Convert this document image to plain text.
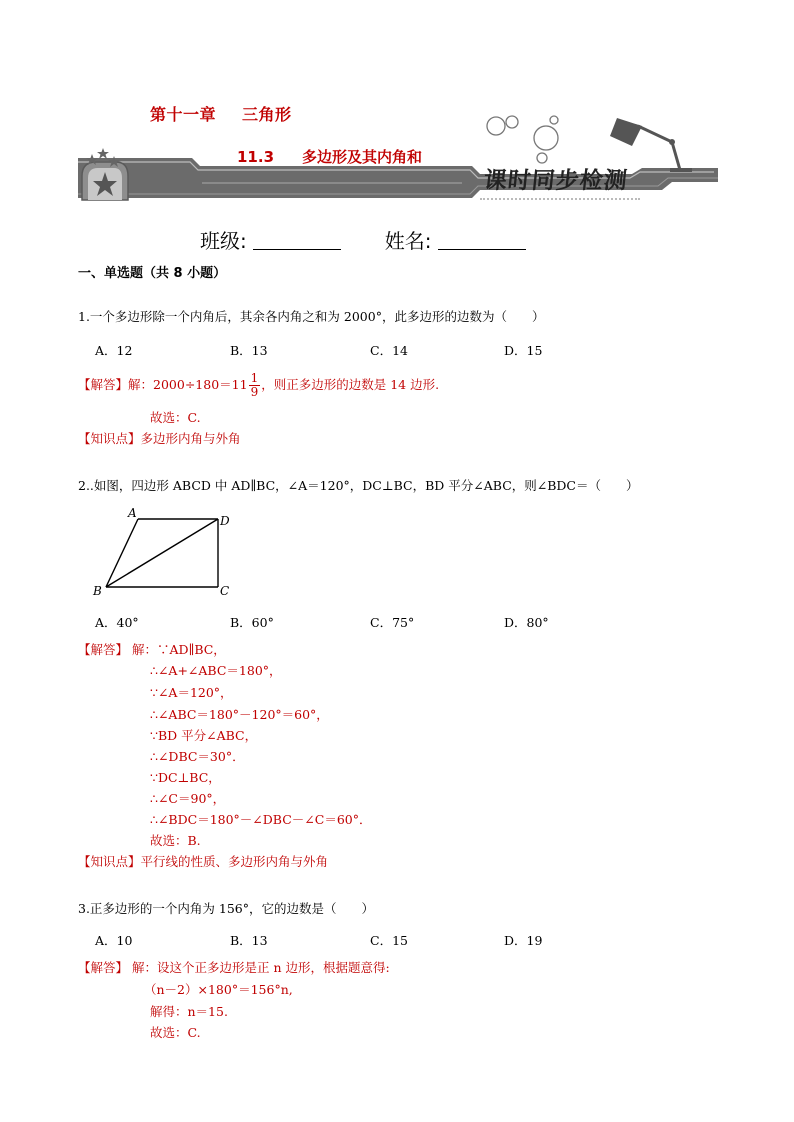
第十一章 三角形
11.3 多边形及其内角和
课时同步检测
班级:	姓名:
一、单选题（共 8 小题）
1.一个多边形除一个内角后，其余各内角之和为 2000°，此多边形的边数为（　　）
A．12	B．13	C．14	D．15
【解答】解：$2000\div 180=11 \frac{1}{9}$ ，则正多边形的边数是 14 边形.
故选：C.
【知识点】多边形内角与外角
2..如图，四边形 ABCD 中 AD∥BC，∠A＝120°，DC⊥BC，BD 平分∠ABC，则∠BDC＝（　　）
A
D
B	C
A．40°	B．60°	C．75°	D．80°
【解答】 解：∵AD∥BC，
∴∠A+∠ABC＝180°，
∵∠A＝120°，
∴∠ABC＝180°－120°＝60°，
∵BD 平分∠ABC，
∴∠DBC＝30°．
∵DC⊥BC，
∴∠C＝90°，
∴∠BDC＝180°－∠DBC－∠C＝60°．
故选：B.
【知识点】平行线的性质、多边形内角与外角
3.正多边形的一个内角为 156°，它的边数是（　　）
A．10	B．13	C．15	D．19
【解答】 解：设这个正多边形是正 n 边形，根据题意得:
（n－2）×180°＝156°n,
解得：n＝15.
故选：C.
